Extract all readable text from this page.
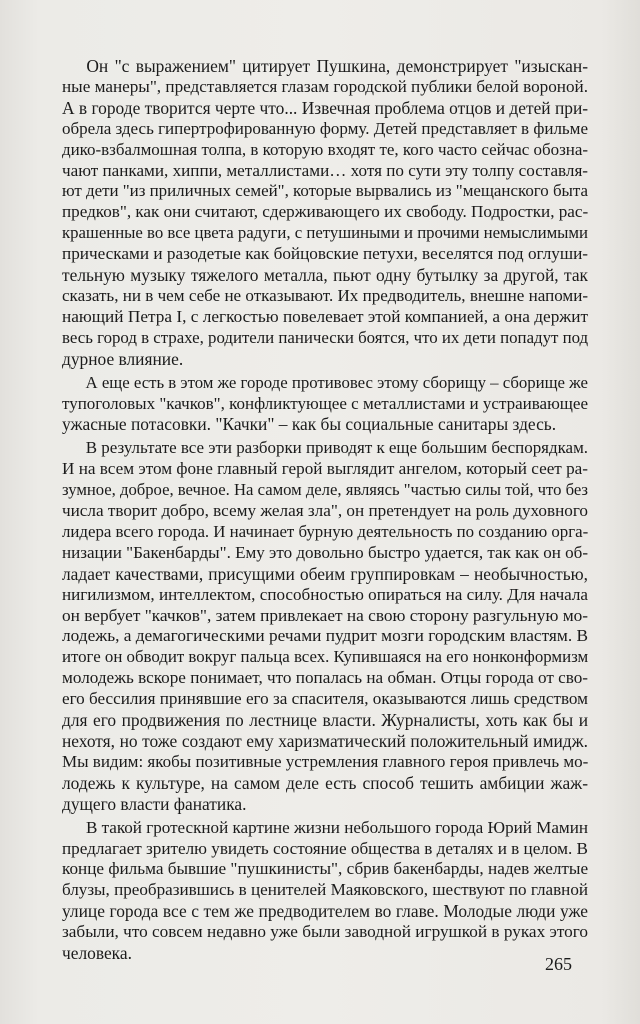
Он "с выражением" цитирует Пушкина, демонстрирует "изыскан-
ные манеры", представляется глазам городской публики белой вороной.
А в городе творится черте что... Извечная проблема отцов и детей при-
обрела здесь гипертрофированную форму. Детей представляет в фильме
дико-взбалмошная толпа, в которую входят те, кого часто сейчас обозна-
чают панками, хиппи, металлистами… хотя по сути эту толпу составля-
ют дети "из приличных семей", которые вырвались из "мещанского быта
предков", как они считают, сдерживающего их свободу. Подростки, рас-
крашенные во все цвета радуги, с петушиными и прочими немыслимыми
прическами и разодетые как бойцовские петухи, веселятся под оглуши-
тельную музыку тяжелого металла, пьют одну бутылку за другой, так
сказать, ни в чем себе не отказывают. Их предводитель, внешне напоми-
нающий Петра I, с легкостью повелевает этой компанией, а она держит
весь город в страхе, родители панически боятся, что их дети попадут под
дурное влияние.

А еще есть в этом же городе противовес этому сборищу – сборище же
тупоголовых "качков", конфликтующее с металлистами и устраивающее
ужасные потасовки. "Качки" – как бы социальные санитары здесь.

В результате все эти разборки приводят к еще большим беспорядкам.
И на всем этом фоне главный герой выглядит ангелом, который сеет ра-
зумное, доброе, вечное. На самом деле, являясь "частью силы той, что без
числа творит добро, всему желая зла", он претендует на роль духовного
лидера всего города. И начинает бурную деятельность по созданию орга-
низации "Бакенбарды". Ему это довольно быстро удается, так как он об-
ладает качествами, присущими обеим группировкам – необычностью,
нигилизмом, интеллектом, способностью опираться на силу. Для начала
он вербует "качков", затем привлекает на свою сторону разгульную мо-
лодежь, а демагогическими речами пудрит мозги городским властям. В
итоге он обводит вокруг пальца всех. Купившаяся на его нонконформизм
молодежь вскоре понимает, что попалась на обман. Отцы города от сво-
его бессилия принявшие его за спасителя, оказываются лишь средством
для его продвижения по лестнице власти. Журналисты, хоть как бы и
нехотя, но тоже создают ему харизматический положительный имидж.
Мы видим: якобы позитивные устремления главного героя привлечь мо-
лодежь к культуре, на самом деле есть способ тешить амбиции жаж-
дущего власти фанатика.

В такой гротескной картине жизни небольшого города Юрий Мамин
предлагает зрителю увидеть состояние общества в деталях и в целом. В
конце фильма бывшие "пушкинисты", сбрив бакенбарды, надев желтые
блузы, преобразившись в ценителей Маяковского, шествуют по главной
улице города все с тем же предводителем во главе. Молодые люди уже
забыли, что совсем недавно уже были заводной игрушкой в руках этого
человека.

265
